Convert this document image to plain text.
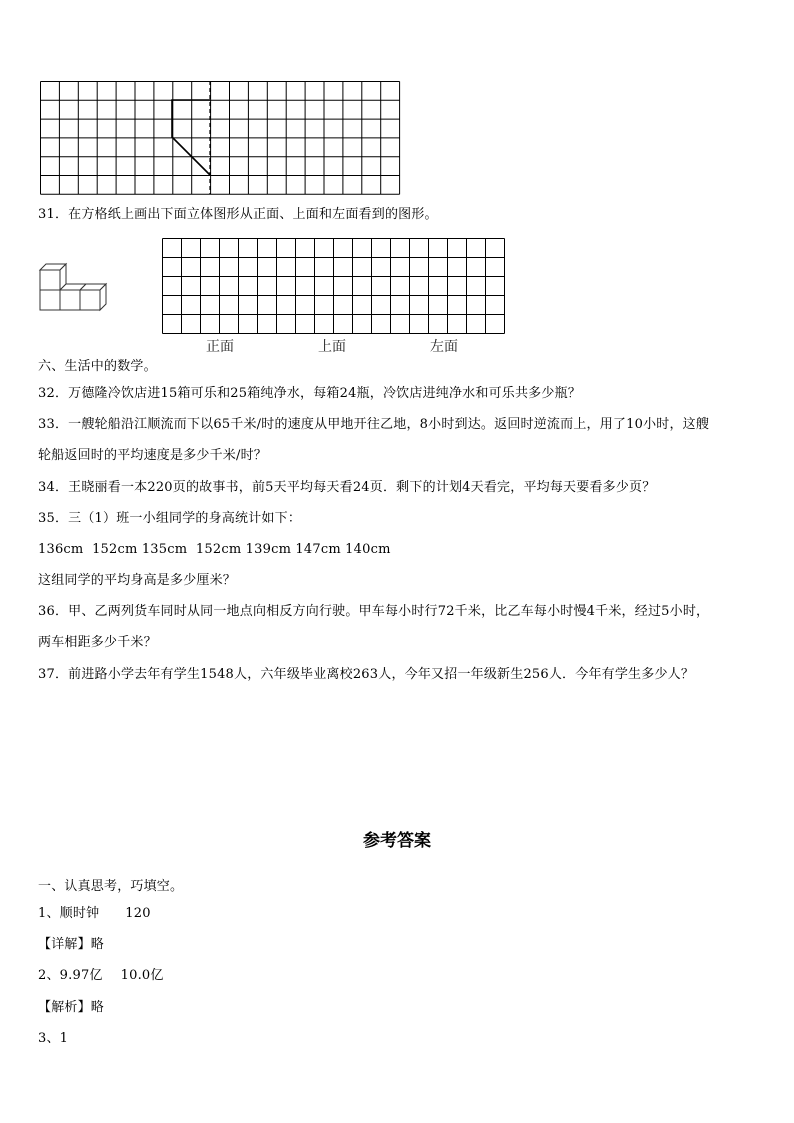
31．在方格纸上画出下面立体图形从正面、上面和左面看到的图形。
正面	上面	左面
六、生活中的数学。
32．万德隆冷饮店进15箱可乐和25箱纯净水，每箱24瓶，冷饮店进纯净水和可乐共多少瓶？
33．一艘轮船沿江顺流而下以65千米/时的速度从甲地开往乙地，8小时到达。返回时逆流而上，用了10小时，这艘
轮船返回时的平均速度是多少千米/时？
34．王晓丽看一本220页的故事书，前5天平均每天看24页．剩下的计划4天看完，平均每天要看多少页？
35．三（1）班一小组同学的身高统计如下：
136cm  152cm 135cm  152cm 139cm 147cm 140cm
这组同学的平均身高是多少厘米？
36．甲、乙两列货车同时从同一地点向相反方向行驶。甲车每小时行72千米，比乙车每小时慢4千米，经过5小时，
两车相距多少千米？
37．前进路小学去年有学生1548人，六年级毕业离校263人，今年又招一年级新生256人．今年有学生多少人？
参考答案
一、认真思考，巧填空。
1、顺时钟 120
【详解】略
2、9.97亿 10.0亿
【解析】略
3、1
